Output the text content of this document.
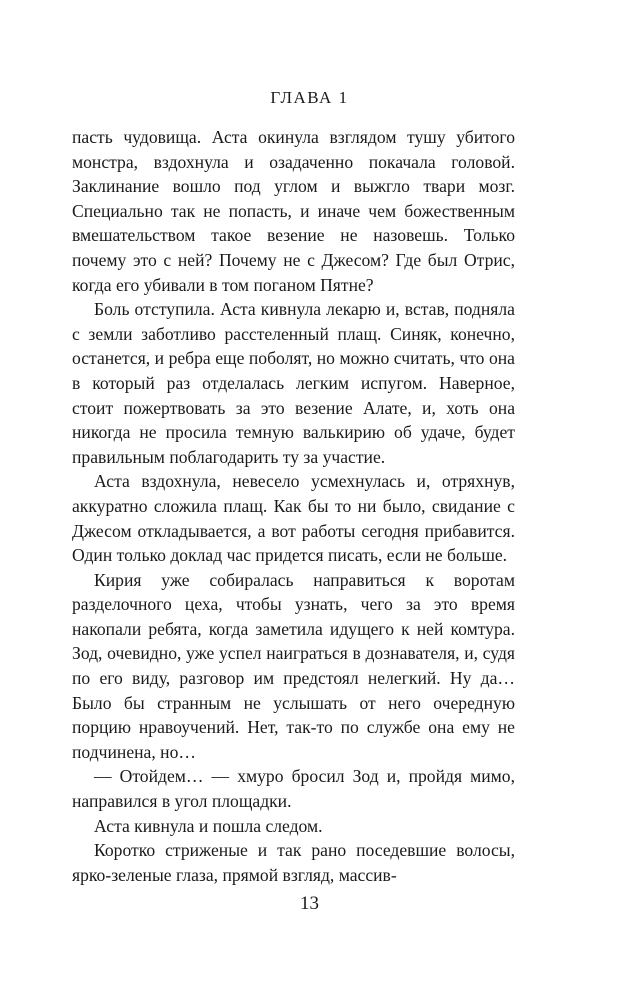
ГЛАВА 1

пасть чудовища. Аста окинула взглядом тушу убитого монстра, вздохнула и озадаченно покачала головой. Заклинание вошло под углом и выжгло твари мозг. Специально так не попасть, и иначе чем божественным вмешательством такое везение не назовешь. Только почему это с ней? Почему не с Джесом? Где был Отрис, когда его убивали в том поганом Пятне?

Боль отступила. Аста кивнула лекарю и, встав, подняла с земли заботливо расстеленный плащ. Синяк, конечно, останется, и ребра еще поболят, но можно считать, что она в который раз отделалась легким испугом. Наверное, стоит пожертвовать за это везение Алате, и, хоть она никогда не просила темную валькирию об удаче, будет правильным поблагодарить ту за участие.

Аста вздохнула, невесело усмехнулась и, отряхнув, аккуратно сложила плащ. Как бы то ни было, свидание с Джесом откладывается, а вот работы сегодня прибавится. Один только доклад час придется писать, если не больше.

Кирия уже собиралась направиться к воротам разделочного цеха, чтобы узнать, чего за это время накопали ребята, когда заметила идущего к ней комтура. Зод, очевидно, уже успел наиграться в дознавателя, и, судя по его виду, разговор им предстоял нелегкий. Ну да… Было бы странным не услышать от него очередную порцию нравоучений. Нет, так-то по службе она ему не подчинена, но…

— Отойдем… — хмуро бросил Зод и, пройдя мимо, направился в угол площадки.

Аста кивнула и пошла следом.

Коротко стриженые и так рано поседевшие волосы, ярко-зеленые глаза, прямой взгляд, массив-

13
